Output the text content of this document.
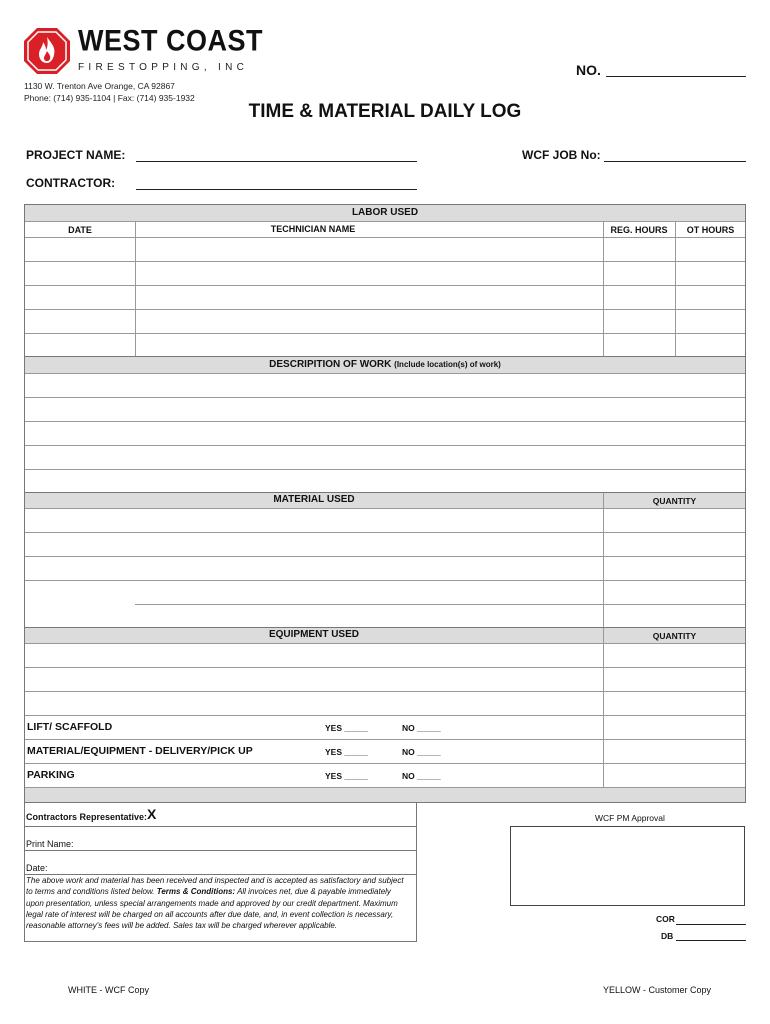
WEST COAST
FIRESTOPPING, INC
1130 W. Trenton Ave Orange, CA 92867
Phone: (714) 935-1104 | Fax: (714) 935-1932
NO.
TIME & MATERIAL DAILY LOG
PROJECT NAME:	WCF JOB No:
CONTRACTOR:
LABOR USED
DATE	TECHNICIAN NAME	REG. HOURS	OT HOURS
DESCRIPITION OF WORK (Include location(s) of work)
MATERIAL USED	QUANTITY
EQUIPMENT USED	QUANTITY
LIFT/ SCAFFOLD	YES _____	NO _____
MATERIAL/EQUIPMENT - DELIVERY/PICK UP	YES _____	NO _____
PARKING	YES _____	NO _____
Contractors Representative: X
Print Name:
Date:
The above work and material has been received and inspected and is accepted as satisfactory and subject
to terms and conditions listed below. Terms & Conditions: All invoices net, due & payable immediately
upon presentation, unless special arrangements made and approved by our credit department. Maximum
legal rate of interest will be charged on all accounts after due date, and, in event collection is necessary,
reasonable attorney's fees will be added. Sales tax will be charged wherever applicable.
WCF PM Approval
COR
DB
WHITE - WCF Copy	YELLOW - Customer Copy
